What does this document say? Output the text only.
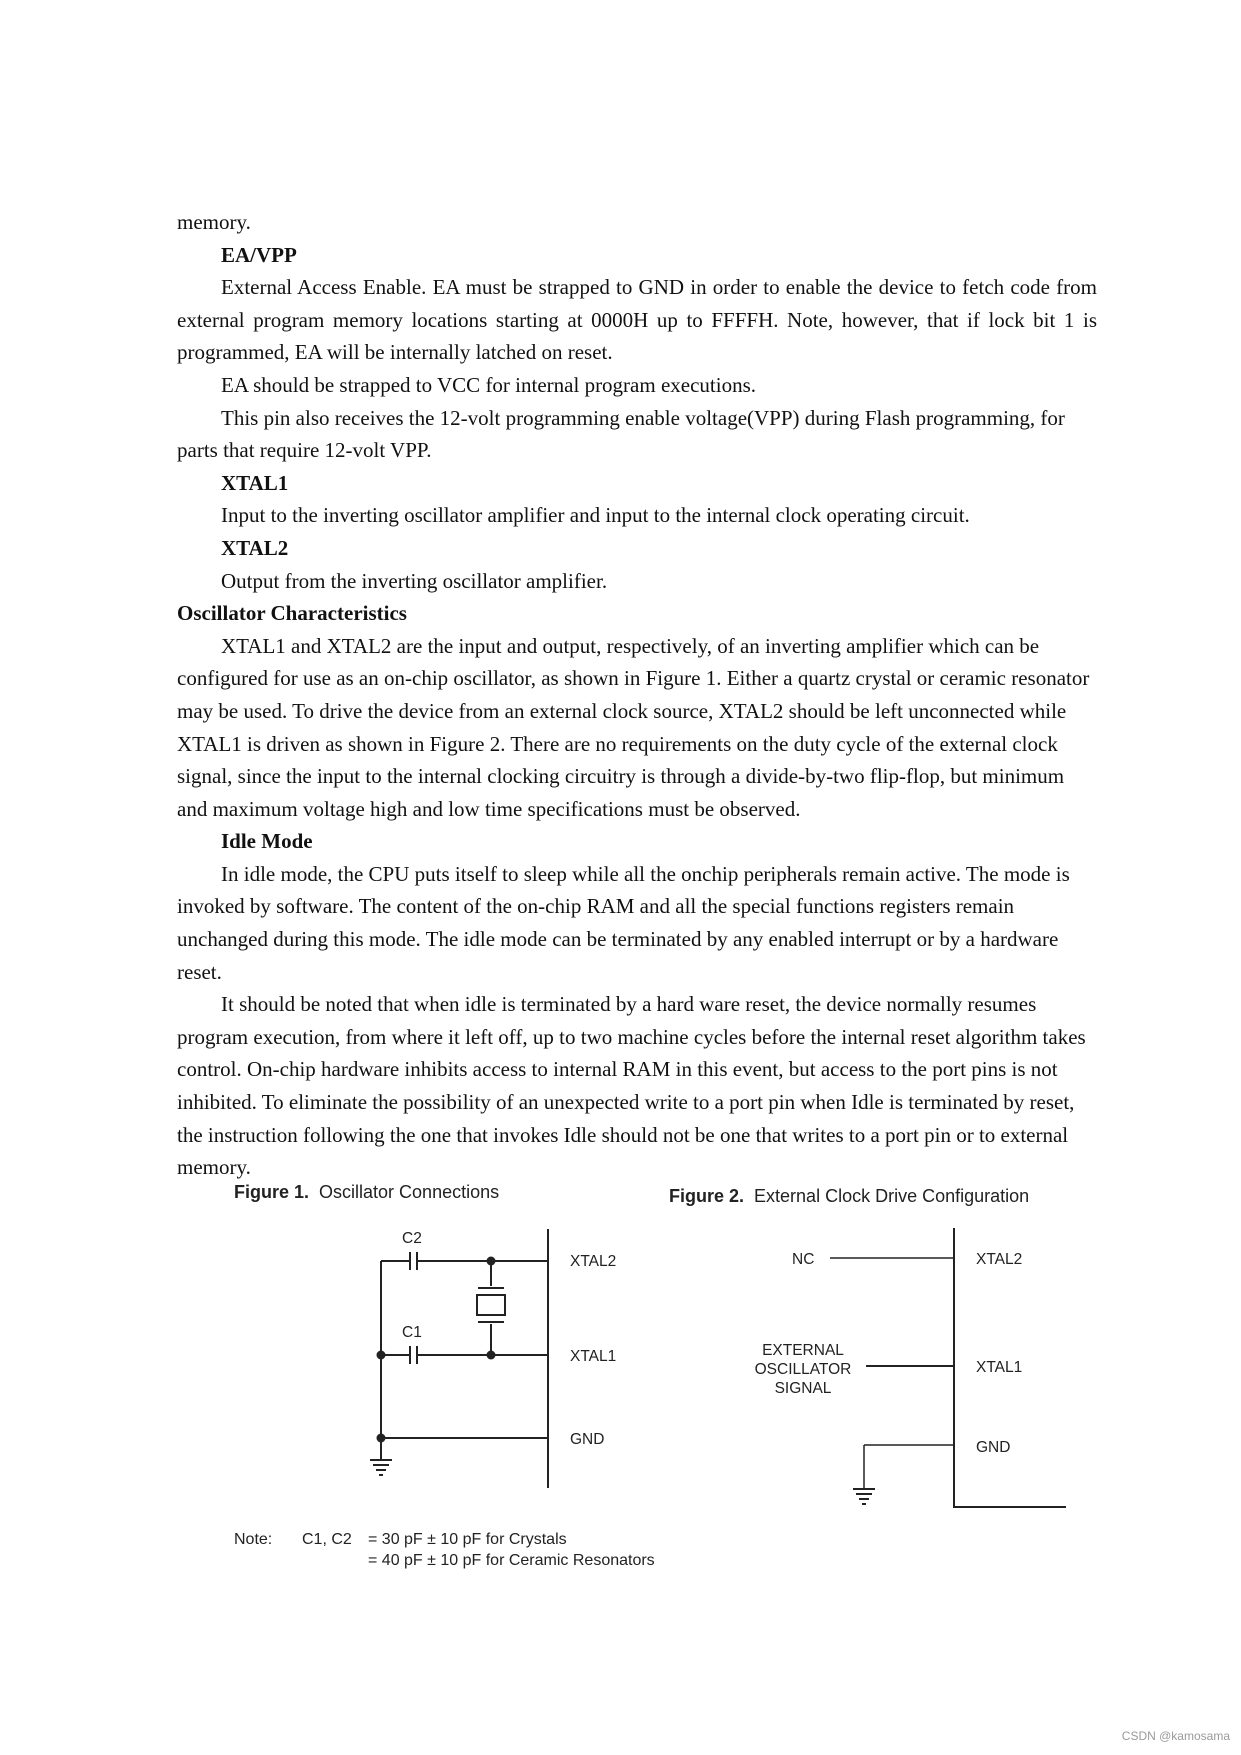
memory.

EA/VPP

External Access Enable. EA must be strapped to GND in order to enable the device to fetch code from external program memory locations starting at 0000H up to FFFFH. Note, however, that if lock bit 1 is programmed, EA will be internally latched on reset.

EA should be strapped to VCC for internal program executions.

This pin also receives the 12-volt programming enable voltage(VPP) during Flash programming, for parts that require 12-volt VPP.

XTAL1

Input to the inverting oscillator amplifier and input to the internal clock operating circuit.

XTAL2

Output from the inverting oscillator amplifier.

Oscillator Characteristics

XTAL1 and XTAL2 are the input and output, respectively, of an inverting amplifier which can be configured for use as an on-chip oscillator, as shown in Figure 1. Either a quartz crystal or ceramic resonator may be used. To drive the device from an external clock source, XTAL2 should be left unconnected while XTAL1 is driven as shown in Figure 2. There are no requirements on the duty cycle of the external clock signal, since the input to the internal clocking circuitry is through a divide-by-two flip-flop, but minimum and maximum voltage high and low time specifications must be observed.

Idle Mode

In idle mode, the CPU puts itself to sleep while all the onchip peripherals remain active. The mode is invoked by software. The content of the on-chip RAM and all the special functions registers remain unchanged during this mode. The idle mode can be terminated by any enabled interrupt or by a hardware reset.

It should be noted that when idle is terminated by a hard ware reset, the device normally resumes program execution, from where it left off, up to two machine cycles before the internal reset algorithm takes control. On-chip hardware inhibits access to internal RAM in this event, but access to the port pins is not inhibited. To eliminate the possibility of an unexpected write to a port pin when Idle is terminated by reset, the instruction following the one that invokes Idle should not be one that writes to a port pin or to external memory.

Figure 1. Oscillator Connections	Figure 2. External Clock Drive Configuration
C2
C1
XTAL2
XTAL1
GND
NC
EXTERNAL
OSCILLATOR
SIGNAL
XTAL2
XTAL1
GND
Note: C1, C2 = 30 pF ± 10 pF for Crystals
= 40 pF ± 10 pF for Ceramic Resonators
CSDN @kamosama
